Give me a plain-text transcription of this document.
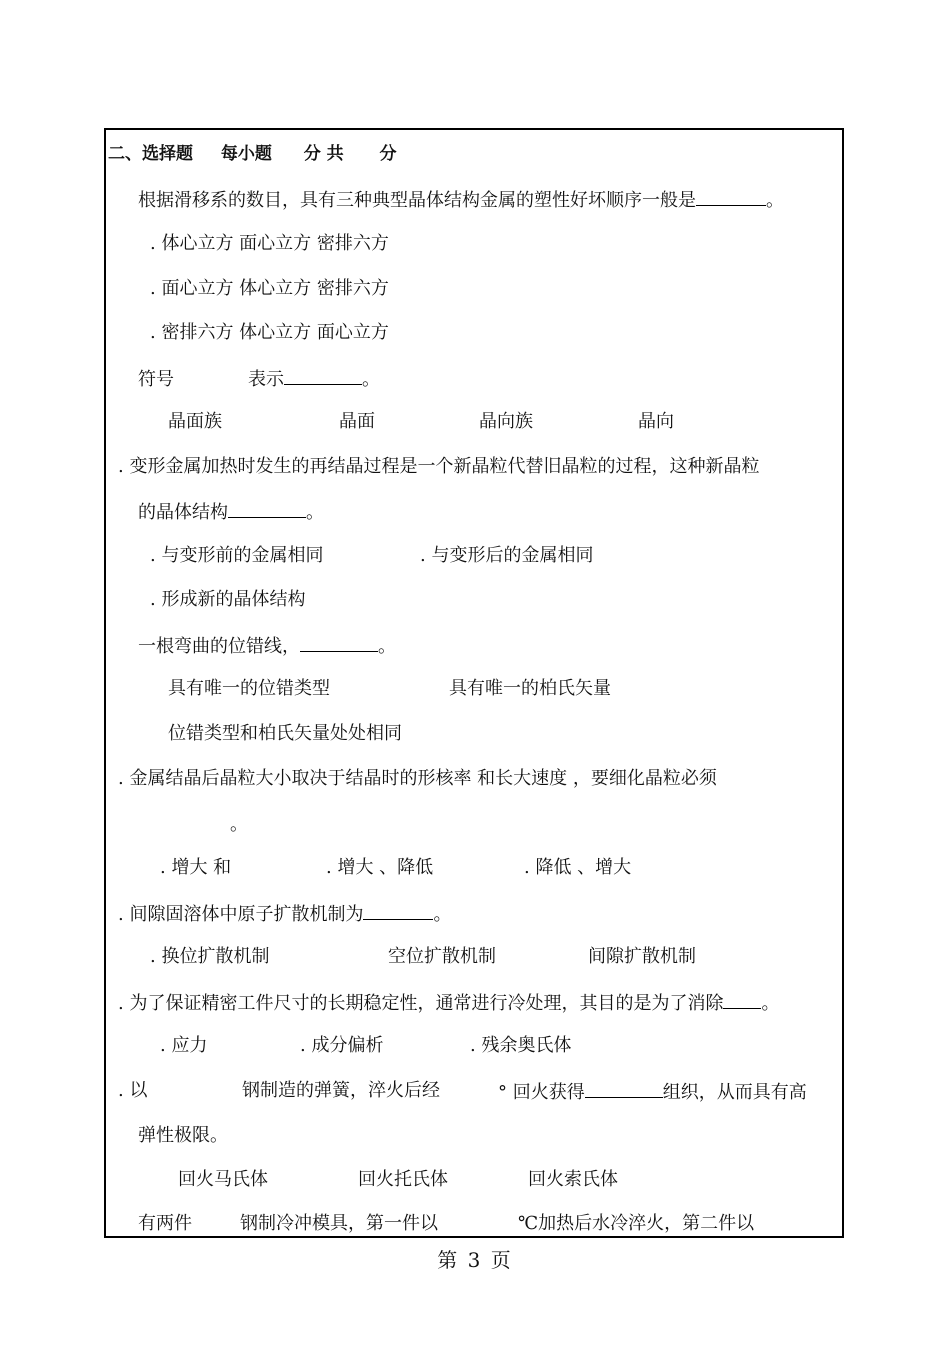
二、选择题 每小题 分 共 分
根据滑移系的数目，具有三种典型晶体结构金属的塑性好坏顺序一般是	。
. 体心立方 面心立方 密排六方
. 面心立方 体心立方 密排六方
. 密排六方 体心立方 面心立方
符号	表示	。
晶面族	晶面	晶向族	晶向
. 变形金属加热时发生的再结晶过程是一个新晶粒代替旧晶粒的过程，这种新晶粒
的晶体结构	。
. 与变形前的金属相同	. 与变形后的金属相同
. 形成新的晶体结构
一根弯曲的位错线，	。
具有唯一的位错类型	具有唯一的柏氏矢量
位错类型和柏氏矢量处处相同
. 金属结晶后晶粒大小取决于结晶时的形核率 和长大速度 ，要细化晶粒必须
。
. 增大 和	. 增大 、降低	. 降低 、增大
. 间隙固溶体中原子扩散机制为	。
. 换位扩散机制	空位扩散机制	间隙扩散机制
. 为了保证精密工件尺寸的长期稳定性，通常进行冷处理，其目的是为了消除 。
. 应力	. 成分偏析	. 残余奥氏体
. 以	钢制造的弹簧，淬火后经	° 回火获得	组织，从而具有高
弹性极限。
回火马氏体	回火托氏体	回火索氏体
有两件	钢制冷冲模具，第一件以	℃加热后水冷淬火，第二件以
第 3 页
